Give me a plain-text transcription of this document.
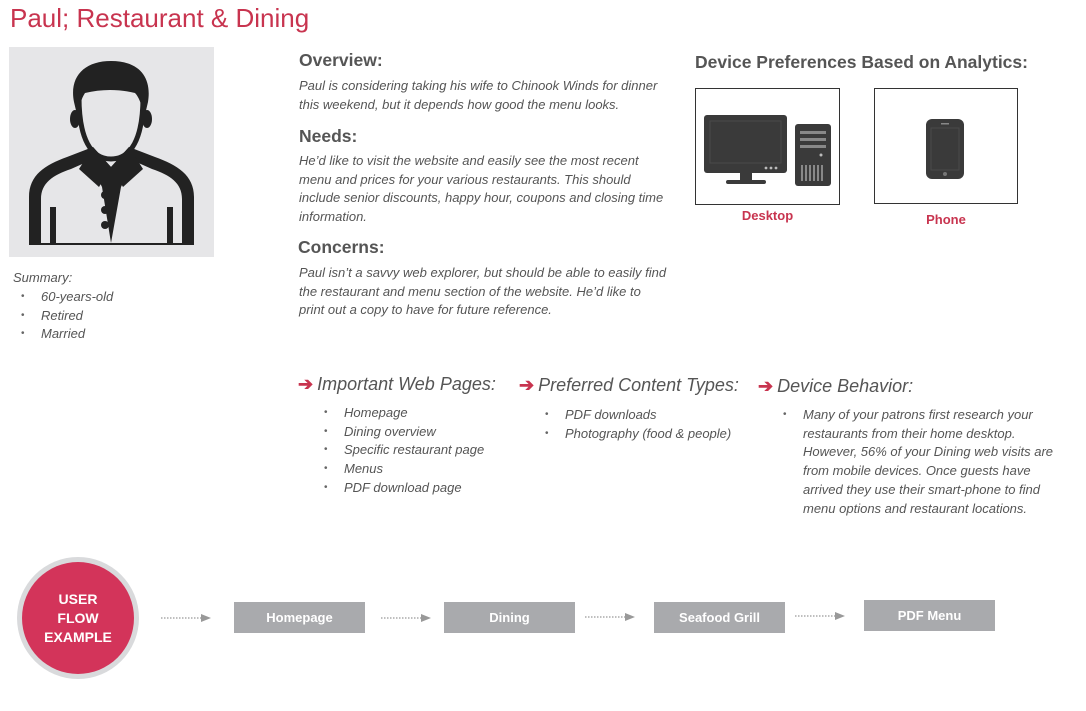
Paul; Restaurant & Dining
Summary:
• 60-years-old
• Retired
• Married
Overview:
Paul is considering taking his wife to Chinook Winds for dinner this weekend, but it depends how good the menu looks.
Needs:
He’d like to visit the website and easily see the most recent menu and prices for your various restaurants. This should include senior discounts, happy hour, coupons and closing time information.
Concerns:
Paul isn’t a savvy web explorer, but should be able to easily find the restaurant and menu section of the website. He’d like to print out a copy to have for future reference.
Device Preferences Based on Analytics:
Desktop	Phone
➔ Important Web Pages:
• Homepage
• Dining overview
• Specific restaurant page
• Menus
• PDF download page
➔ Preferred Content Types:
• PDF downloads
• Photography (food & people)
➔ Device Behavior:
• Many of your patrons first research your restaurants from their home desktop. However, 56% of your Dining web visits are from mobile devices. Once guests have arrived they use their smart-phone to find menu options and restaurant locations.
USER FLOW EXAMPLE
Homepage	Dining	Seafood Grill	PDF Menu
